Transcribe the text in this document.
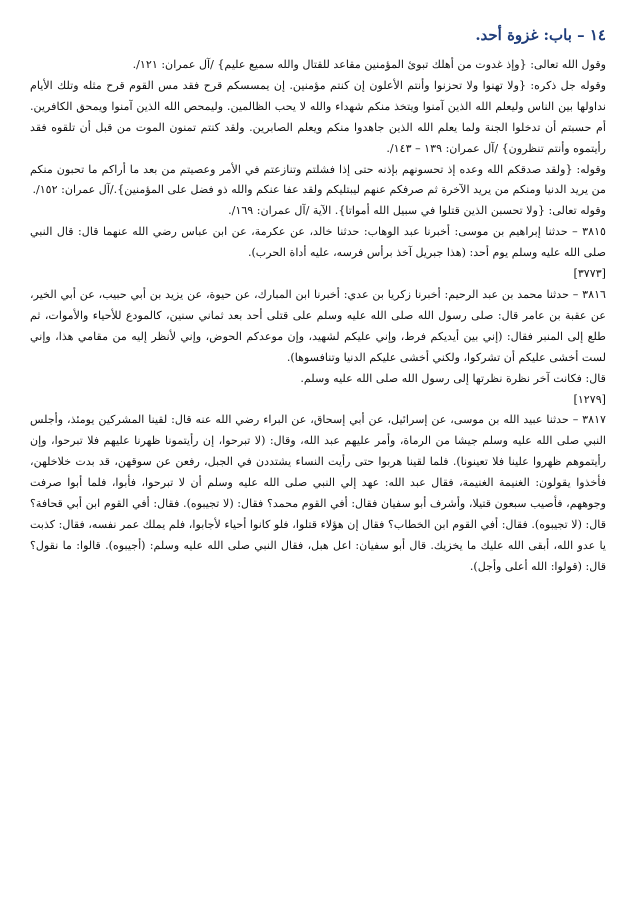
١٤ – باب: غزوة أحد.

وقول الله تعالى: {وإذ غدوت من أهلك تبوئ المؤمنين مقاعد للقتال والله سميع عليم} /آل عمران: ١٢١/.

وقوله جل ذكره: {ولا تهنوا ولا تحزنوا وأنتم الأعلون إن كنتم مؤمنين. إن يمسسكم قرح فقد مس القوم قرح مثله وتلك الأيام نداولها بين الناس وليعلم الله الذين آمنوا ويتخذ منكم شهداء والله لا يحب الظالمين. وليمحص الله الذين آمنوا ويمحق الكافرين. أم حسبتم أن تدخلوا الجنة ولما يعلم الله الذين جاهدوا منكم ويعلم الصابرين. ولقد كنتم تمنون الموت من قبل أن تلقوه فقد رأيتموه وأنتم تنظرون} /آل عمران: ١٣٩ – ١٤٣/.

وقوله: {ولقد صدقكم الله وعده إذ تحسونهم بإذنه حتى إذا فشلتم وتنازعتم في الأمر وعصيتم من بعد ما أراكم ما تحبون منكم من يريد الدنيا ومنكم من يريد الآخرة ثم صرفكم عنهم ليبتليكم ولقد عفا عنكم والله ذو فضل على المؤمنين}./آل عمران: ١٥٢/.

وقوله تعالى: {ولا تحسبن الذين قتلوا في سبيل الله أمواتا}. الآية /آل عمران: ١٦٩/.

٣٨١٥ – حدثنا إبراهيم بن موسى: أخبرنا عبد الوهاب: حدثنا خالد، عن عكرمة، عن ابن عباس رضي الله عنهما قال: قال النبي صلى الله عليه وسلم يوم أحد: (هذا جبريل آخذ برأس فرسه، عليه أداة الحرب).

[٣٧٧٣]

٣٨١٦ – حدثنا محمد بن عبد الرحيم: أخبرنا زكريا بن عدي: أخبرنا ابن المبارك، عن حيوة، عن يزيد بن أبي حبيب، عن أبي الخير، عن عقبة بن عامر قال: صلى رسول الله صلى الله عليه وسلم على قتلى أحد بعد ثماني سنين، كالمودع للأحياء والأموات، ثم طلع إلى المنبر فقال: (إني بين أيديكم فرط، وإني عليكم لشهيد، وإن موعدكم الحوض، وإني لأنظر إليه من مقامي هذا، وإني لست أخشى عليكم أن تشركوا، ولكني أخشى عليكم الدنيا وتنافسوها).

قال: فكانت آخر نظرة نظرتها إلى رسول الله صلى الله عليه وسلم.

[١٢٧٩]

٣٨١٧ – حدثنا عبيد الله بن موسى، عن إسرائيل، عن أبي إسحاق، عن البراء رضي الله عنه قال: لقينا المشركين يومئذ، وأجلس النبي صلى الله عليه وسلم جيشا من الرماة، وأمر عليهم عبد الله، وقال: (لا تبرحوا، إن رأيتمونا ظهرنا عليهم فلا تبرحوا، وإن رأيتموهم ظهروا علينا فلا تعينونا). فلما لقينا هربوا حتى رأيت النساء يشتددن في الجبل، رفعن عن سوقهن، قد بدت خلاخلهن، فأخذوا يقولون: الغنيمة الغنيمة، فقال عبد الله: عهد إلي النبي صلى الله عليه وسلم أن لا تبرحوا، فأبوا، فلما أبوا صرفت وجوههم، فأصيب سبعون قتيلا، وأشرف أبو سفيان فقال: أفي القوم محمد؟ فقال: (لا تجيبوه). فقال: أفي القوم ابن أبي قحافة؟ قال: (لا تجيبوه). فقال: أفي القوم ابن الخطاب؟ فقال إن هؤلاء قتلوا، فلو كانوا أحياء لأجابوا، فلم يملك عمر نفسه، فقال: كذبت يا عدو الله، أبقى الله عليك ما يخزيك. قال أبو سفيان: اعل هبل، فقال النبي صلى الله عليه وسلم: (أجيبوه). قالوا: ما نقول؟ قال: (قولوا: الله أعلى وأجل).
